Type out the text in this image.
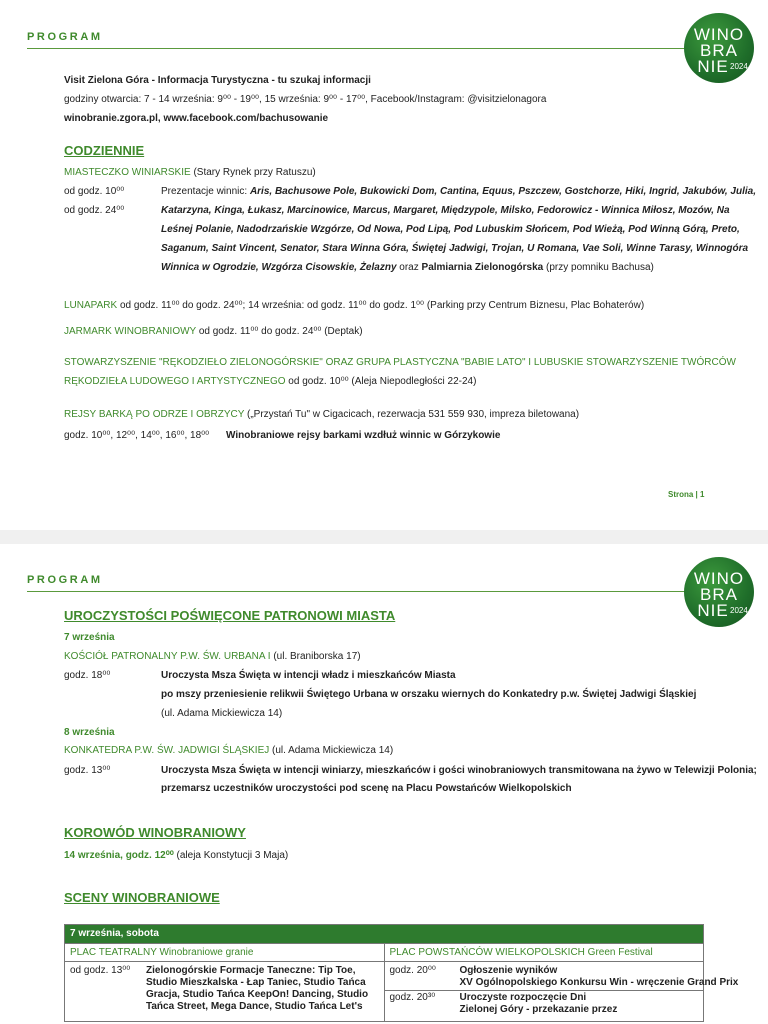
PROGRAM	WINO
BRA
NIE 2024
Visit Zielona Góra - Informacja Turystyczna - tu szukaj informacji
godziny otwarcia: 7 - 14 września: 9⁰⁰ - 19⁰⁰, 15 września: 9⁰⁰ - 17⁰⁰, Facebook/Instagram: @visitzielonagora
winobranie.zgora.pl, www.facebook.com/bachusowanie
CODZIENNIE
MIASTECZKO WINIARSKIE (Stary Rynek przy Ratuszu)
od godz. 10⁰⁰
od godz. 24⁰⁰
Prezentacje winnic: Aris, Bachusowe Pole, Bukowicki Dom, Cantina, Equus, Pszczew, Gostchorze, Hiki, Ingrid, Jakubów, Julia,
Katarzyna, Kinga, Łukasz, Marcinowice, Marcus, Margaret, Międzypole, Milsko, Fedorowicz - Winnica Miłosz, Mozów, Na
Leśnej Polanie, Nadodrzańskie Wzgórze, Od Nowa, Pod Lipą, Pod Lubuskim Słońcem, Pod Wieżą, Pod Winną Górą, Preto,
Saganum, Saint Vincent, Senator, Stara Winna Góra, Świętej Jadwigi, Trojan, U Romana, Vae Soli, Winne Tarasy, Winnogóra
Winnica w Ogrodzie, Wzgórza Cisowskie, Żelazny oraz Palmiarnia Zielonogórska (przy pomniku Bachusa)
LUNAPARK od godz. 11⁰⁰ do godz. 24⁰⁰; 14 września: od godz. 11⁰⁰ do godz. 1⁰⁰ (Parking przy Centrum Biznesu, Plac Bohaterów)
JARMARK WINOBRANIOWY od godz. 11⁰⁰ do godz. 24⁰⁰ (Deptak)
STOWARZYSZENIE "RĘKODZIEŁO ZIELONOGÓRSKIE" ORAZ GRUPA PLASTYCZNA "BABIE LATO" I LUBUSKIE STOWARZYSZENIE TWÓRCÓW
RĘKODZIEŁA LUDOWEGO I ARTYSTYCZNEGO od godz. 10⁰⁰ (Aleja Niepodległości 22-24)
REJSY BARKĄ PO ODRZE I OBRZYCY („Przystań Tu" w Cigacicach, rezerwacja 531 559 930, impreza biletowana)
godz. 10⁰⁰, 12⁰⁰, 14⁰⁰, 16⁰⁰, 18⁰⁰ Winobraniowe rejsy barkami wzdłuż winnic w Górzykowie
Strona | 1
PROGRAM	WINO
BRA
NIE 2024
UROCZYSTOŚCI POŚWIĘCONE PATRONOWI MIASTA
7 września
KOŚCIÓŁ PATRONALNY P.W. ŚW. URBANA I (ul. Braniborska 17)
godz. 18⁰⁰	Uroczysta Msza Święta w intencji władz i mieszkańców Miasta
po mszy przeniesienie relikwii Świętego Urbana w orszaku wiernych do Konkatedry p.w. Świętej Jadwigi Śląskiej
(ul. Adama Mickiewicza 14)
8 września
KONKATEDRA P.W. ŚW. JADWIGI ŚLĄSKIEJ (ul. Adama Mickiewicza 14)
godz. 13⁰⁰	Uroczysta Msza Święta w intencji winiarzy, mieszkańców i gości winobraniowych transmitowana na żywo w Telewizji Polonia;
przemarsz uczestników uroczystości pod scenę na Placu Powstańców Wielkopolskich
KOROWÓD WINOBRANIOWY
14 września, godz. 12⁰⁰ (aleja Konstytucji 3 Maja)
SCENY WINOBRANIOWE
7 września, sobota
PLAC TEATRALNY Winobraniowe granie	PLAC POWSTAŃCÓW WIELKOPOLSKICH Green Festival
od godz. 13⁰⁰ Zielonogórskie Formacje Taneczne: Tip Toe,
Studio Mieszkalska - Łap Taniec, Studio Tańca
Gracja, Studio Tańca KeepOn! Dancing, Studio
Tańca Street, Mega Dance, Studio Tańca Let's
godz. 20⁰⁰ Ogłoszenie wyników
XV Ogólnopolskiego Konkursu Win - wręczenie Grand Prix
godz. 20³⁰ Uroczyste rozpoczęcie Dni
Zielonej Góry - przekazanie przez
